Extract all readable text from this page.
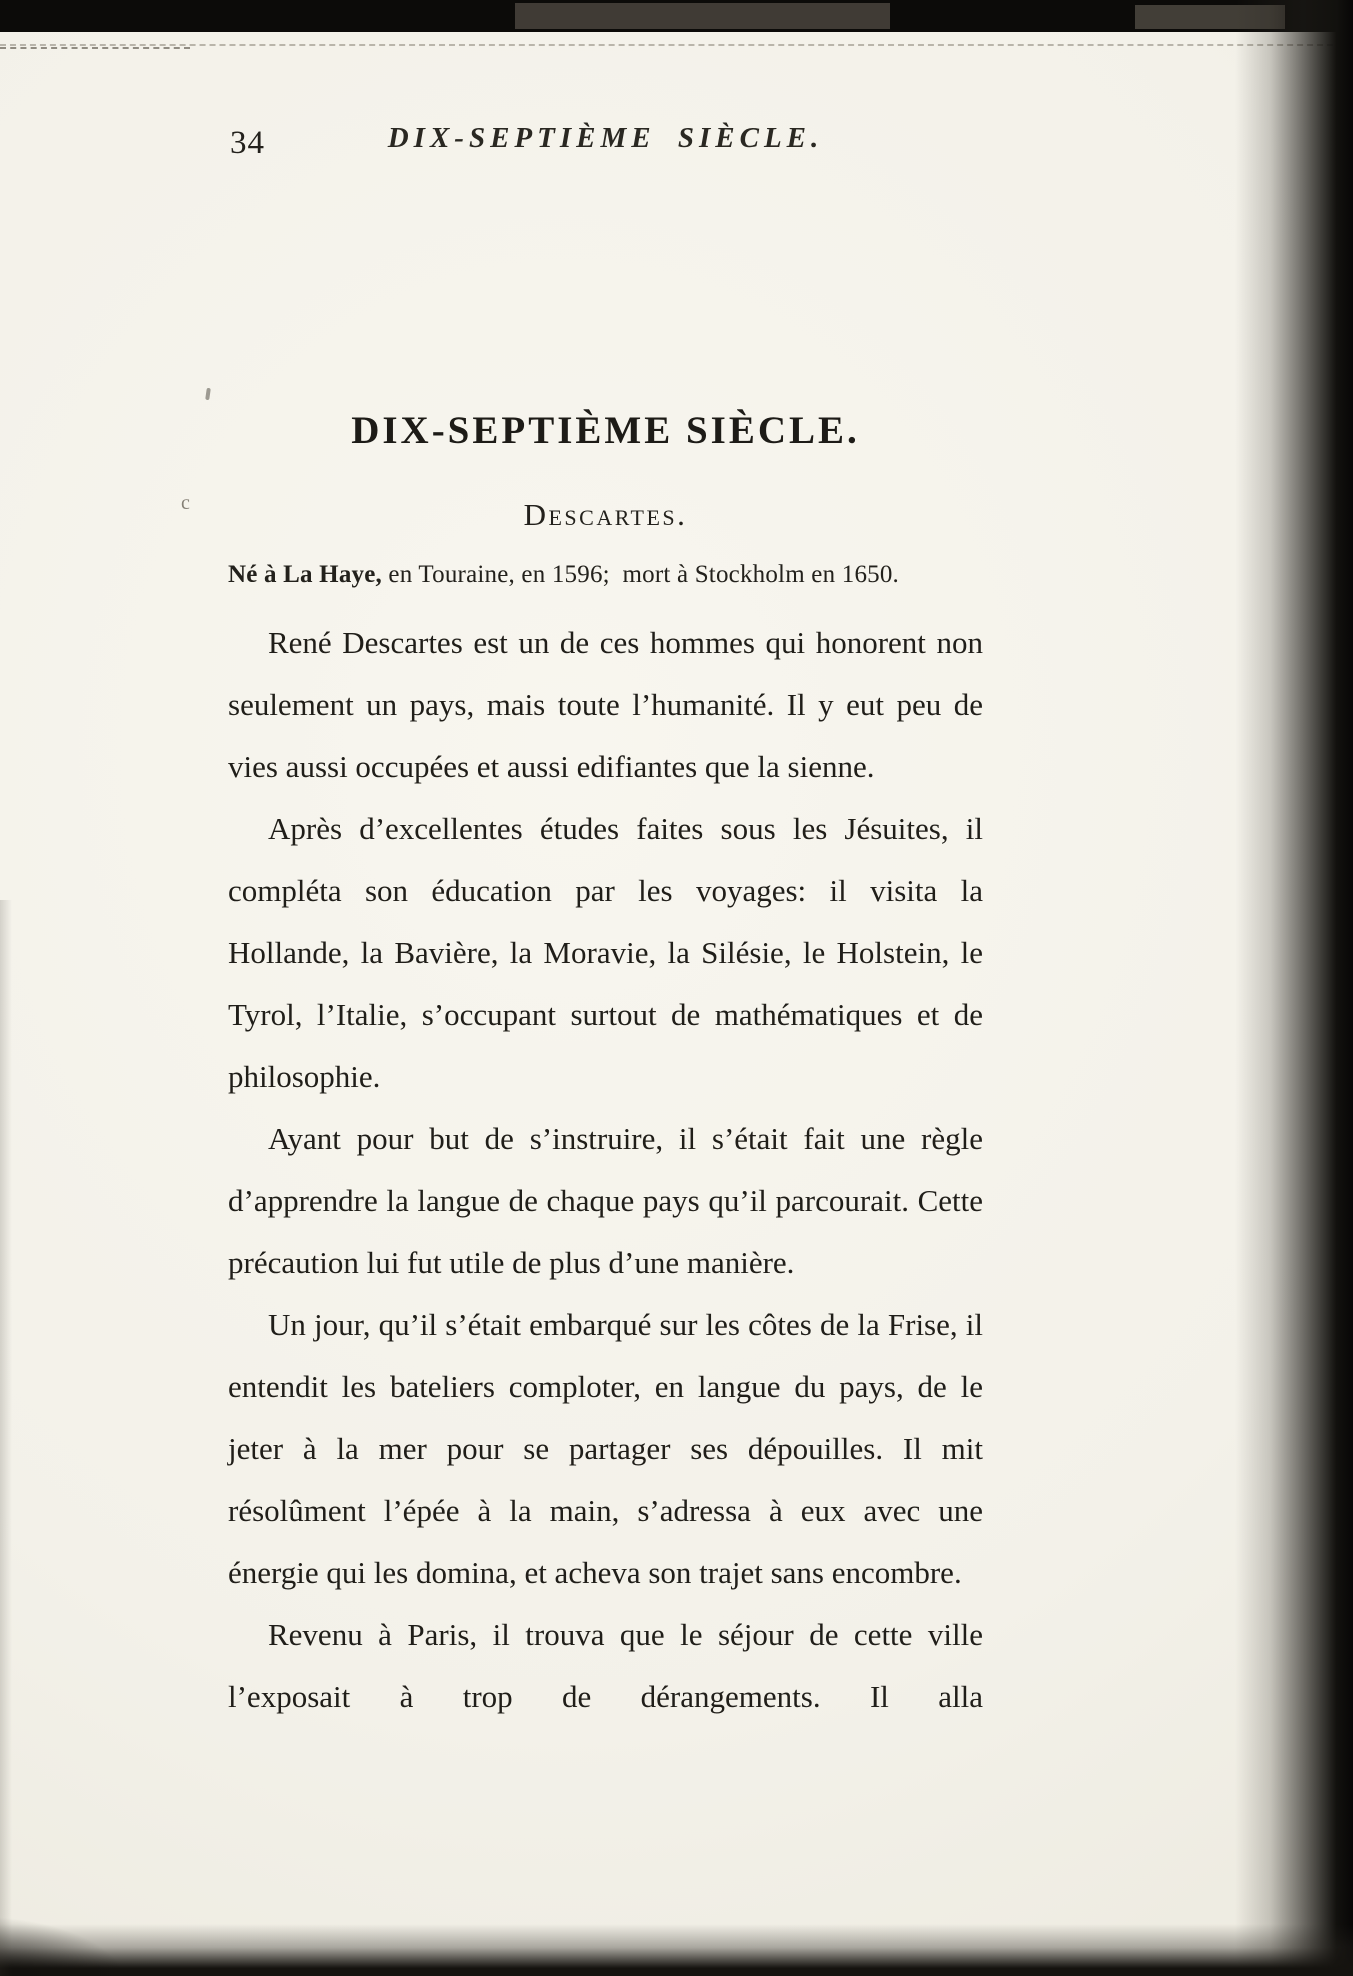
c
34	DIX-SEPTIÈME SIÈCLE.
DIX-SEPTIÈME SIÈCLE.
Descartes.

Né à La Haye, en Touraine, en 1596; mort à Stockholm en 1650.

René Descartes est un de ces hommes qui honorent non seulement un pays, mais toute l’humanité. Il y eut peu de vies aussi occupées et aussi edifiantes que la sienne.

Après d’excellentes études faites sous les Jésuites, il compléta son éducation par les voyages: il visita la Hollande, la Bavière, la Moravie, la Silésie, le Holstein, le Tyrol, l’Italie, s’occupant surtout de mathématiques et de philosophie.

Ayant pour but de s’instruire, il s’était fait une règle d’apprendre la langue de chaque pays qu’il parcourait. Cette précaution lui fut utile de plus d’une manière.

Un jour, qu’il s’était embarqué sur les côtes de la Frise, il entendit les bateliers comploter, en langue du pays, de le jeter à la mer pour se partager ses dépouilles. Il mit résolûment l’épée à la main, s’adressa à eux avec une énergie qui les domina, et acheva son trajet sans encombre.

Revenu à Paris, il trouva que le séjour de cette ville l’exposait à trop de dérangements. Il alla
